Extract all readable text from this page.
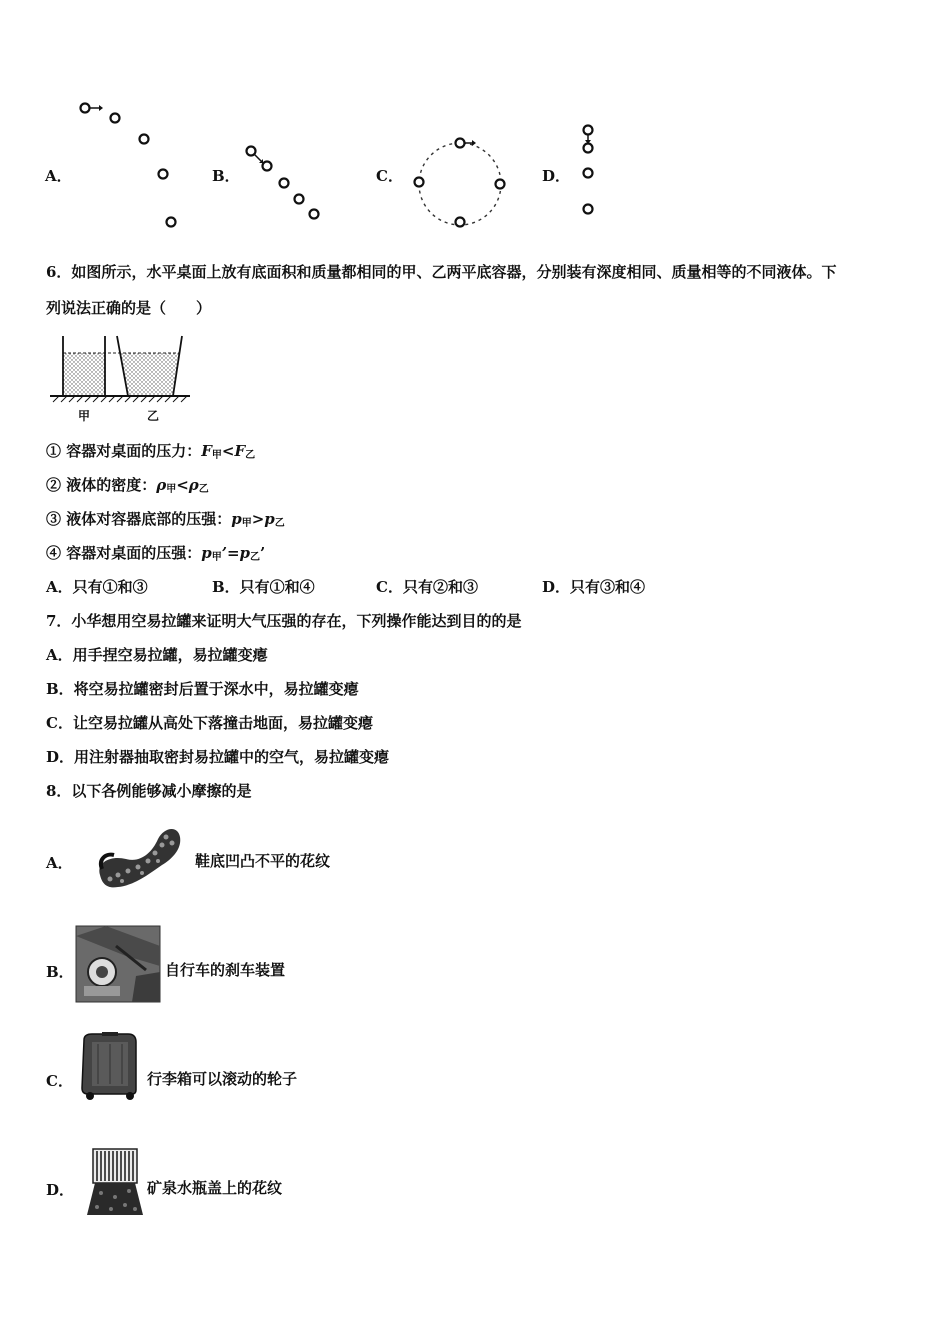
A．	B．	C．	D．
6．如图所示，水平桌面上放有底面积和质量都相同的甲、乙两平底容器，分别装有深度相同、质量相等的不同液体。下
列说法正确的是（　　）
甲	乙
① 容器对桌面的压力：$F_甲<F_乙$
② 液体的密度：$\rho_甲<\rho_乙$
③ 液体对容器底部的压强：$p_甲>p_乙$
④ 容器对桌面的压强：$p_甲’=p_乙$’
A．只有①和③	B．只有①和④	C．只有②和③	D．只有③和④
7．小华想用空易拉罐来证明大气压强的存在，下列操作能达到目的的是
A．用手捏空易拉罐，易拉罐变瘪
B．将空易拉罐密封后置于深水中，易拉罐变瘪
C．让空易拉罐从高处下落撞击地面，易拉罐变瘪
D．用注射器抽取密封易拉罐中的空气，易拉罐变瘪
8．以下各例能够减小摩擦的是
A．	鞋底凹凸不平的花纹
B．	自行车的刹车装置
C．	行李箱可以滚动的轮子
D．	矿泉水瓶盖上的花纹
